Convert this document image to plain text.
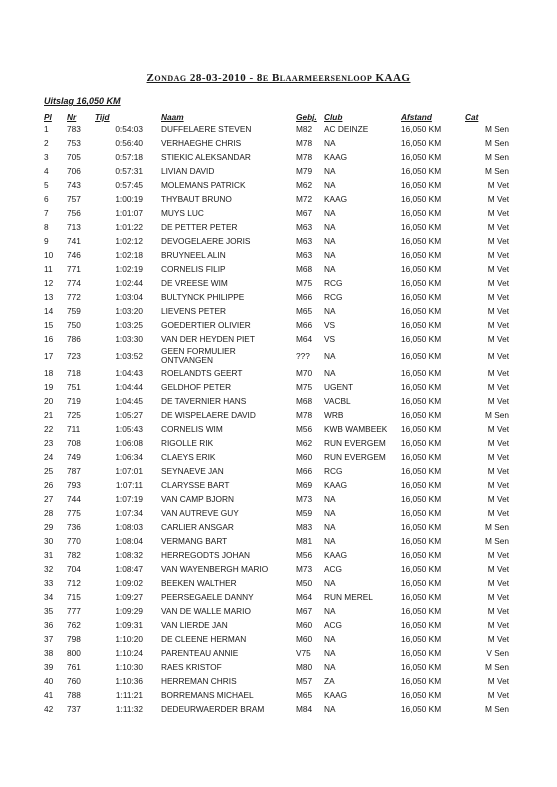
Zondag 28-03-2010 - 8e Blaarmeersenloop KAAG
Uitslag 16,050 KM
Pl	Nr	Tijd	Naam	Gebj.	Club	Afstand	Cat
1	783	0:54:03	DUFFELAERE STEVEN	M82	AC DEINZE	16,050 KM	M Sen
2	753	0:56:40	VERHAEGHE CHRIS	M78	NA	16,050 KM	M Sen
3	705	0:57:18	STIEKIC ALEKSANDAR	M78	KAAG	16,050 KM	M Sen
4	706	0:57:31	LIVIAN DAVID	M79	NA	16,050 KM	M Sen
5	743	0:57:45	MOLEMANS PATRICK	M62	NA	16,050 KM	M Vet
6	757	1:00:19	THYBAUT BRUNO	M72	KAAG	16,050 KM	M Vet
7	756	1:01:07	MUYS LUC	M67	NA	16,050 KM	M Vet
8	713	1:01:22	DE PETTER PETER	M63	NA	16,050 KM	M Vet
9	741	1:02:12	DEVOGELAERE JORIS	M63	NA	16,050 KM	M Vet
10	746	1:02:18	BRUYNEEL ALIN	M63	NA	16,050 KM	M Vet
11	771	1:02:19	CORNELIS FILIP	M68	NA	16,050 KM	M Vet
12	774	1:02:44	DE VREESE WIM	M75	RCG	16,050 KM	M Vet
13	772	1:03:04	BULTYNCK PHILIPPE	M66	RCG	16,050 KM	M Vet
14	759	1:03:20	LIEVENS PETER	M65	NA	16,050 KM	M Vet
15	750	1:03:25	GOEDERTIER OLIVIER	M66	VS	16,050 KM	M Vet
16	786	1:03:30	VAN DER HEYDEN PIET	M64	VS	16,050 KM	M Vet
17	723	1:03:52	GEEN FORMULIER ONTVANGEN	???	NA	16,050 KM	M Vet
18	718	1:04:43	ROELANDTS GEERT	M70	NA	16,050 KM	M Vet
19	751	1:04:44	GELDHOF PETER	M75	UGENT	16,050 KM	M Vet
20	719	1:04:45	DE TAVERNIER HANS	M68	VACBL	16,050 KM	M Vet
21	725	1:05:27	DE WISPELAERE DAVID	M78	WRB	16,050 KM	M Sen
22	711	1:05:43	CORNELIS WIM	M56	KWB WAMBEEK	16,050 KM	M Vet
23	708	1:06:08	RIGOLLE RIK	M62	RUN EVERGEM	16,050 KM	M Vet
24	749	1:06:34	CLAEYS ERIK	M60	RUN EVERGEM	16,050 KM	M Vet
25	787	1:07:01	SEYNAEVE JAN	M66	RCG	16,050 KM	M Vet
26	793	1:07:11	CLARYSSE BART	M69	KAAG	16,050 KM	M Vet
27	744	1:07:19	VAN CAMP BJORN	M73	NA	16,050 KM	M Vet
28	775	1:07:34	VAN AUTREVE GUY	M59	NA	16,050 KM	M Vet
29	736	1:08:03	CARLIER ANSGAR	M83	NA	16,050 KM	M Sen
30	770	1:08:04	VERMANG BART	M81	NA	16,050 KM	M Sen
31	782	1:08:32	HERREGODTS JOHAN	M56	KAAG	16,050 KM	M Vet
32	704	1:08:47	VAN WAYENBERGH MARIO	M73	ACG	16,050 KM	M Vet
33	712	1:09:02	BEEKEN WALTHER	M50	NA	16,050 KM	M Vet
34	715	1:09:27	PEERSEGAELE DANNY	M64	RUN MEREL	16,050 KM	M Vet
35	777	1:09:29	VAN DE WALLE MARIO	M67	NA	16,050 KM	M Vet
36	762	1:09:31	VAN LIERDE JAN	M60	ACG	16,050 KM	M Vet
37	798	1:10:20	DE CLEENE HERMAN	M60	NA	16,050 KM	M Vet
38	800	1:10:24	PARENTEAU ANNIE	V75	NA	16,050 KM	V Sen
39	761	1:10:30	RAES KRISTOF	M80	NA	16,050 KM	M Sen
40	760	1:10:36	HERREMAN CHRIS	M57	ZA	16,050 KM	M Vet
41	788	1:11:21	BORREMANS MICHAEL	M65	KAAG	16,050 KM	M Vet
42	737	1:11:32	DEDEURWAERDER BRAM	M84	NA	16,050 KM	M Sen
